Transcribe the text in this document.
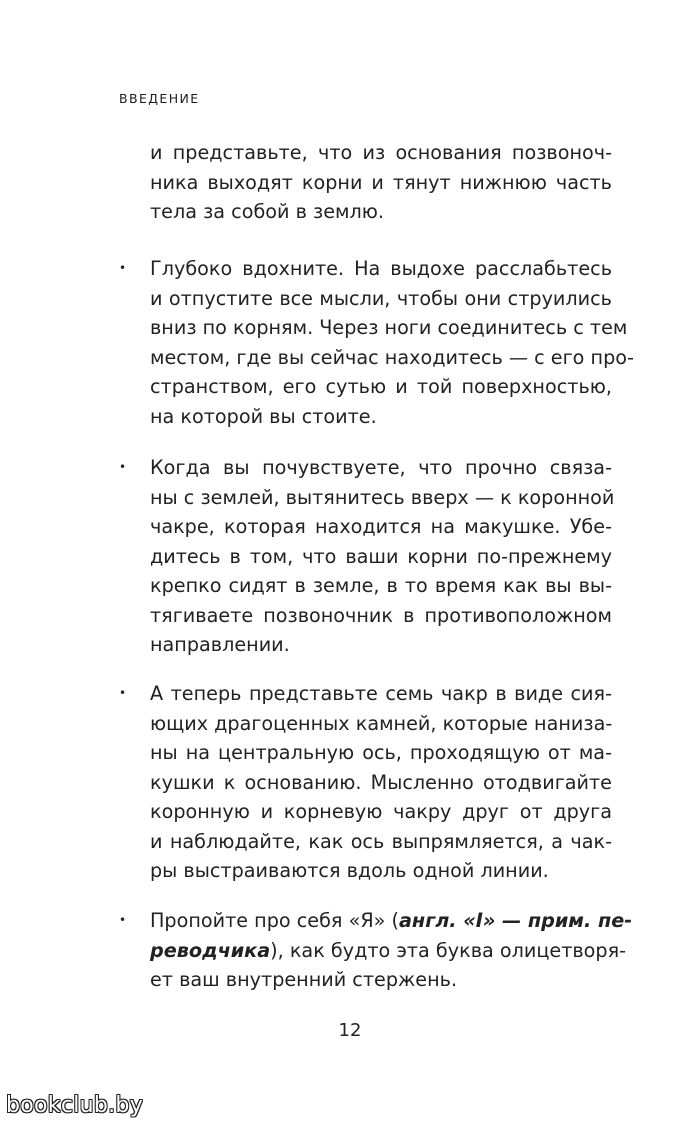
ВВЕДЕНИЕ
и представьте, что из основания позвоноч-
ника выходят корни и тянут нижнюю часть
тела за собой в землю.
• Глубоко вдохните. На выдохе расслабьтесь
и отпустите все мысли, чтобы они струились
вниз по корням. Через ноги соединитесь с тем
местом, где вы сейчас находитесь — с его про-
странством, его сутью и той поверхностью,
на которой вы стоите.
• Когда вы почувствуете, что прочно связа-
ны с землей, вытянитесь вверх — к коронной
чакре, которая находится на макушке. Убе-
дитесь в том, что ваши корни по-прежнему
крепко сидят в земле, в то время как вы вы-
тягиваете позвоночник в противоположном
направлении.
• А теперь представьте семь чакр в виде сия-
ющих драгоценных камней, которые нанизa-
ны на центральную ось, проходящую от ма-
кушки к основанию. Мысленно отодвигайте
коронную и корневую чакру друг от друга
и наблюдайте, как ось выпрямляется, а чак-
ры выстраиваются вдоль одной линии.
• Пропойте про себя «Я» (англ. «I» — прим. пе-
реводчика), как будто эта буква олицетворя-
ет ваш внутренний стержень.
12
bookclub.by
